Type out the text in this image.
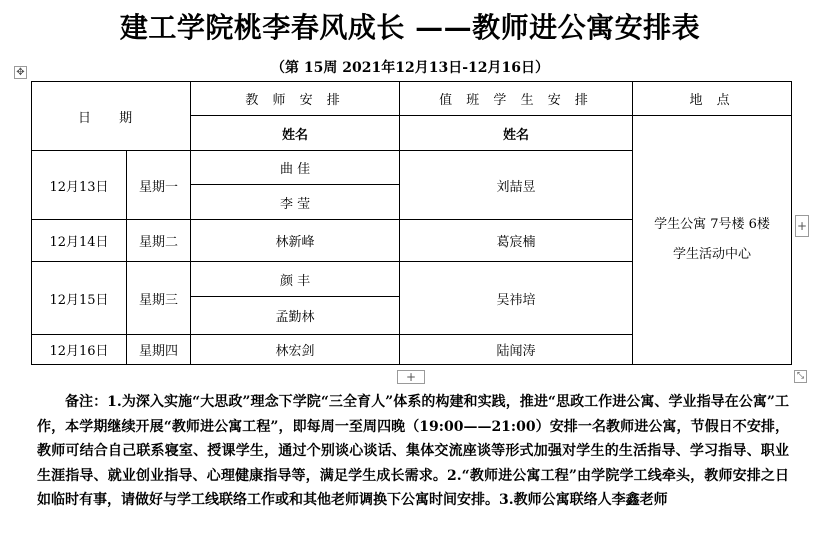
建工学院桃李春风成长 ——教师进公寓安排表
（第 15周 2021年12月13日-12月16日）
✥
日 期		教 师 安 排	值 班 学 生 安 排	地 点
		姓名	姓名	学生公寓 7号楼 6楼
学生活动中心

12月13日	星期一	曲 佳	刘喆昱	
		李 莹		
12月14日	星期二	林新峰	葛宸楠	
12月15日	星期三	颜 丰	吴祎培	
		孟勤林		
12月16日	星期四	林宏剑	陆闻涛	
+
+	⤡
备注：1.为深入实施“大思政”理念下学院“三全育人”体系的构建和实践，推进“思政工作进公寓、学业指导在公寓”工作，本学期继续开展“教师进公寓工程”，即每周一至周四晚（19:00——21:00）安排一名教师进公寓，节假日不安排，教师可结合自己联系寝室、授课学生，通过个别谈心谈话、集体交流座谈等形式加强对学生的生活指导、学习指导、职业生涯指导、就业创业指导、心理健康指导等，满足学生成长需求。2.“教师进公寓工程”由学院学工线牵头，教师安排之日如临时有事，请做好与学工线联络工作或和其他老师调换下公寓时间安排。3.教师公寓联络人李鑫老师
